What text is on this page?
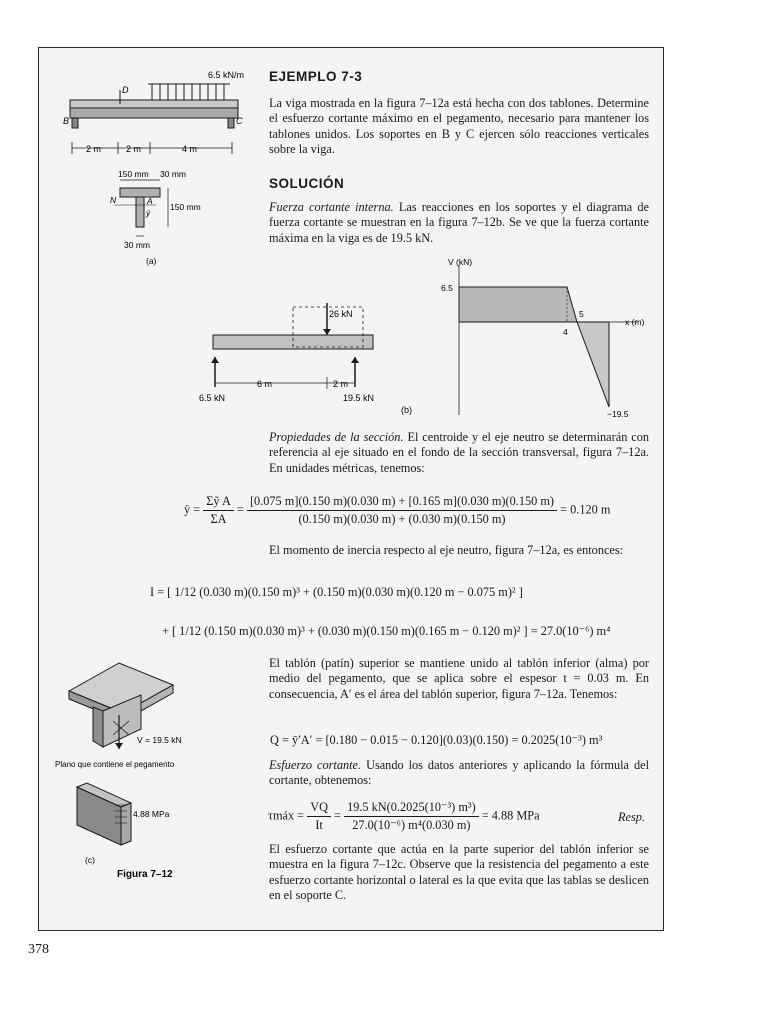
6.5 kN/m
D
B	C
2 m	2 m	4 m
150 mm 30 mm
150 mm
30 mm
ȳ
A
N
(a)
EJEMPLO 7-3
La viga mostrada en la figura 7–12a está hecha con dos tablones. Determine el esfuerzo cortante máximo en el pegamento, necesario para mantener los tablones unidos. Los soportes en B y C ejercen sólo reacciones verticales sobre la viga.
SOLUCIÓN
Fuerza cortante interna. Las reacciones en los soportes y el diagrama de fuerza cortante se muestran en la figura 7–12b. Se ve que la fuerza cortante máxima en la viga es de 19.5 kN.
26 kN
6 m	2 m
6.5 kN	19.5 kN
(b)
V (kN)
x (m)
6.5
4
5
−19.5
Propiedades de la sección. El centroide y el eje neutro se determinarán con referencia al eje situado en el fondo de la sección transversal, figura 7–12a. En unidades métricas, tenemos:
ȳ = $\frac{\text{Σỹ A}}{\Sigma A} = \frac{[0.075 m](0.150 m)(0.030 m) + [0.165 m](0.030 m)(0.150 m)}{(0.150 m)(0.030 m) + (0.030 m)(0.150 m)} = 0.120$ m
El momento de inercia respecto al eje neutro, figura 7–12a, es entonces:
I = [ 1/12 (0.030 m)(0.150 m)³ + (0.150 m)(0.030 m)(0.120 m − 0.075 m)² ]
+ [ 1/12 (0.150 m)(0.030 m)³ + (0.030 m)(0.150 m)(0.165 m − 0.120 m)² ] = 27.0(10⁻⁶) m⁴
El tablón (patín) superior se mantiene unido al tablón inferior (alma) por medio del pegamento, que se aplica sobre el espesor t = 0.03 m. En consecuencia, A′ es el área del tablón superior, figura 7–12a. Tenemos:
Q = ȳ′A′ = [0.180 − 0.015 − 0.120](0.03)(0.150) = 0.2025(10⁻³) m³
Esfuerzo cortante. Usando los datos anteriores y aplicando la fórmula del cortante, obtenemos:
τmáx = $\frac{VQ}{It} = \frac{\text{19.5 kN(0.2025(10⁻³) m³)}}{\text{27.0(10⁻⁶) m⁴(0.030 m)}} = 4.88$ MPa	Resp.
El esfuerzo cortante que actúa en la parte superior del tablón inferior se muestra en la figura 7–12c. Observe que la resistencia del pegamento a este esfuerzo cortante horizontal o lateral es la que evita que las tablas se deslicen en el soporte C.
V = 19.5 kN
Plano que contiene el pegamento
4.88 MPa
(c)
Figura 7–12
378
